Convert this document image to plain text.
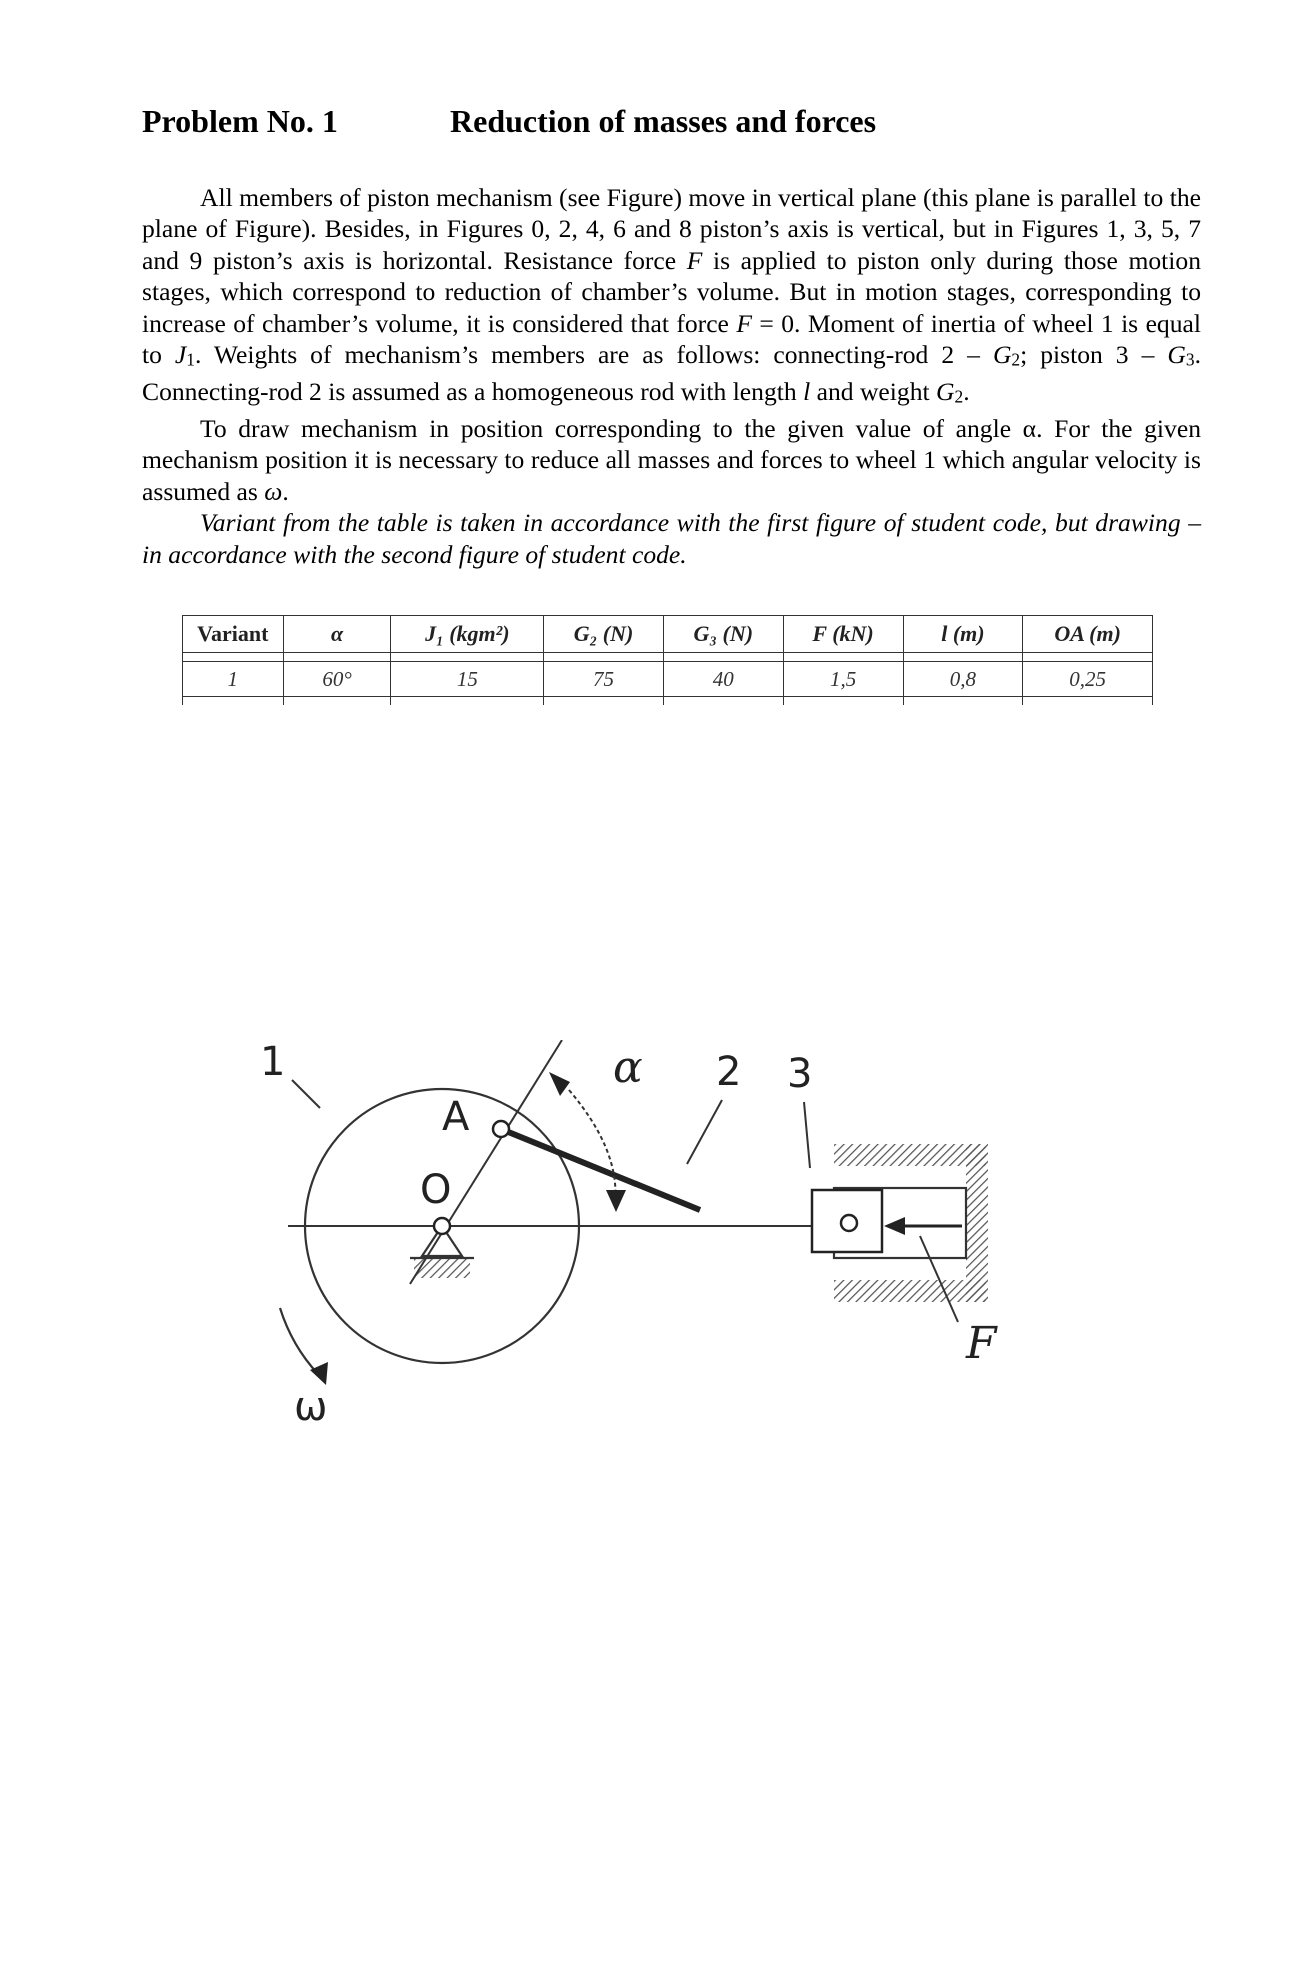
Problem No. 1	Reduction of masses and forces

All members of piston mechanism (see Figure) move in vertical plane (this plane is parallel to the plane of Figure). Besides, in Figures 0, 2, 4, 6 and 8 piston’s axis is vertical, but in Figures 1, 3, 5, 7 and 9 piston’s axis is horizontal. Resistance force F is applied to piston only during those motion stages, which correspond to reduction of chamber’s volume. But in motion stages, corresponding to increase of chamber’s volume, it is considered that force F = 0. Moment of inertia of wheel 1 is equal to J1. Weights of mechanism’s members are as follows: connecting-rod 2 – G2; piston 3 – G3. Connecting-rod 2 is assumed as a homogeneous rod with length l and weight G2.

To draw mechanism in position corresponding to the given value of angle α. For the given mechanism position it is necessary to reduce all masses and forces to wheel 1 which angular velocity is assumed as ω.

Variant from the table is taken in accordance with the first figure of student code, but drawing – in accordance with the second figure of student code.

Variant	α	J₁ (kgm²)	G₂ (N)	G₃ (N)	F (kN)	l (m)	OA (m)

1	60°	15	75	40	1,5	0,8	0,25

1
A
O
α 2 3
F
ω
